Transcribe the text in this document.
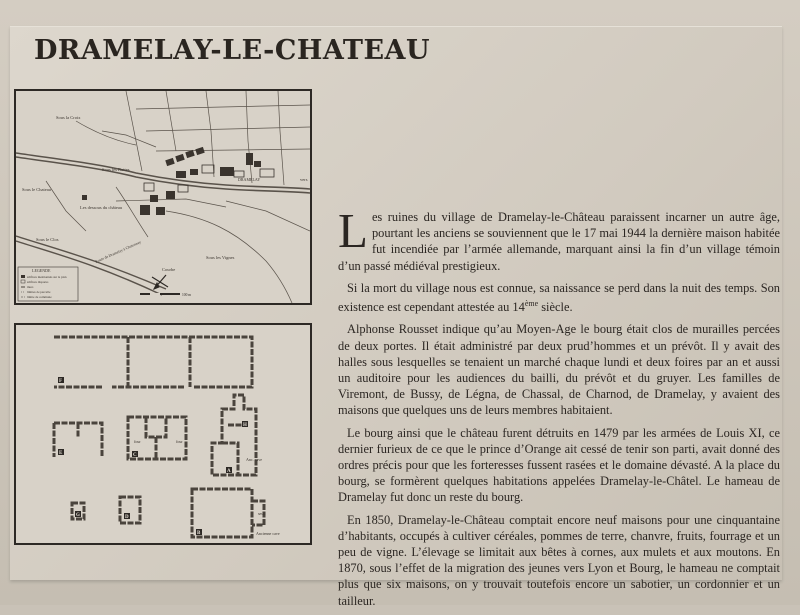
DRAMELAY-LE-CHATEAU
Sous la Croix
Sous les Buttes
Sous le Chateau
Les dessous du château
Sous le Clos
Sous les Vignes
Courbe
DRAMELAY	vers
Route de Dramelay à Chatonnay
LEGENDE
édifices mentionnés sur le plan
édifices disparus
murs
limites de parcelle
limite de commune	100 m
F
E	C
A
G	D
B
H
four
four
Anc. cave
seuil
Ancienne cave

Les ruines du village de Dramelay-le-Château paraissent incarner un autre âge, pourtant les anciens se souviennent que le 17 mai 1944 la dernière maison habitée fut incendiée par l’armée allemande, marquant ainsi la fin d’un village témoin d’un passé médiéval prestigieux.

Si la mort du village nous est connue, sa naissance se perd dans la nuit des temps. Son existence est cependant attestée au 14ème siècle.

Alphonse Rousset indique qu’au Moyen-Age le bourg était clos de murailles percées de deux portes. Il était administré par deux prud’hommes et un prévôt. Il y avait des halles sous lesquelles se tenaient un marché chaque lundi et deux foires par an et aussi un auditoire pour les audiences du bailli, du prévôt et du gruyer. Les familles de Viremont, de Bussy, de Légna, de Chassal, de Charnod, de Dramelay, y avaient des maisons que quelques uns de leurs membres habitaient.

Le bourg ainsi que le château furent détruits en 1479 par les armées de Louis XI, ce dernier furieux de ce que le prince d’Orange ait cessé de tenir son parti, avait donné des ordres précis pour que les forteresses fussent rasées et le domaine dévasté. A la place du bourg, se formèrent quelques habitations appelées Dramelay-le-Châtel. Le hameau de Dramelay fut donc un reste du bourg.

En 1850, Dramelay-le-Château comptait encore neuf maisons pour une cinquantaine d’habitants, occupés à cultiver céréales, pommes de terre, chanvre, fruits, fourrage et un peu de vigne. L’élevage se limitait aux bêtes à cornes, aux mulets et aux moutons. En 1870, sous l’effet de la migration des jeunes vers Lyon et Bourg, le hameau ne comptait plus que six maisons, on y trouvait toutefois encore un sabotier, un cordonnier et un tailleur.
